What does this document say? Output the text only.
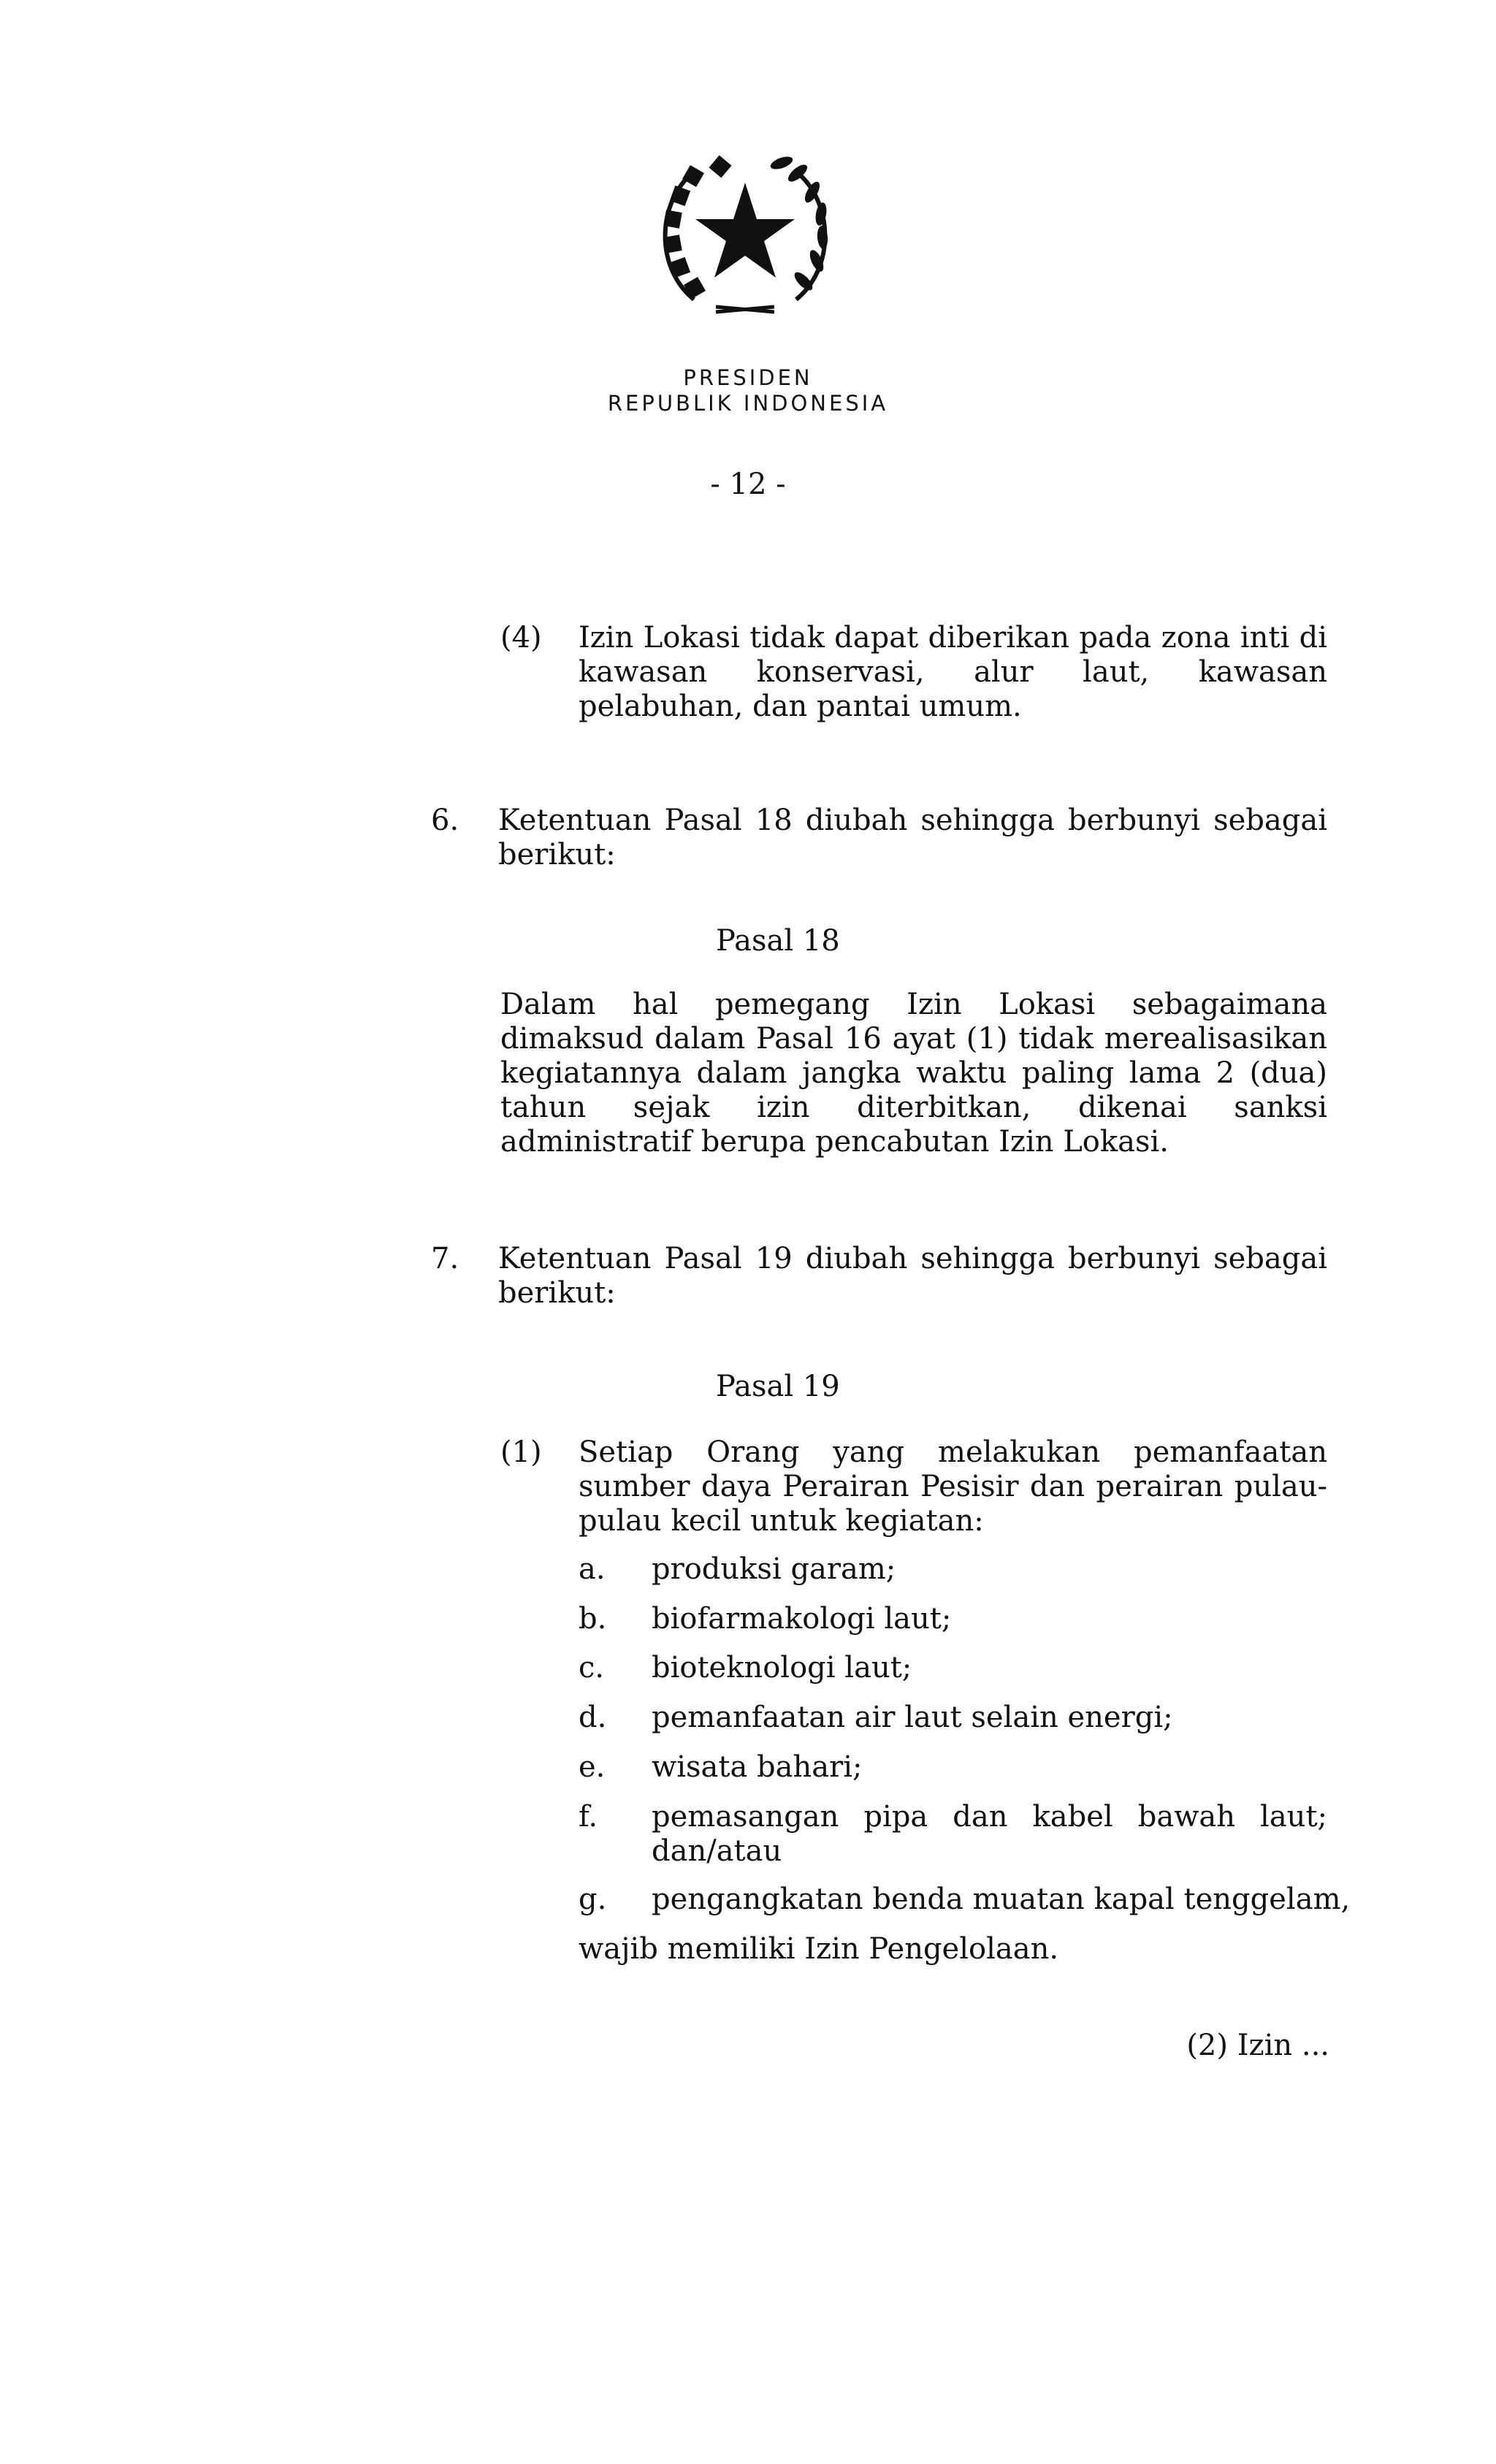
PRESIDEN
REPUBLIK INDONESIA
- 12 -
(4) Izin Lokasi tidak dapat diberikan pada zona inti di kawasan konservasi, alur laut, kawasan pelabuhan, dan pantai umum.
6. Ketentuan Pasal 18 diubah sehingga berbunyi sebagai berikut:
Pasal 18
Dalam hal pemegang Izin Lokasi sebagaimana dimaksud dalam Pasal 16 ayat (1) tidak merealisasikan kegiatannya dalam jangka waktu paling lama 2 (dua) tahun sejak izin diterbitkan, dikenai sanksi administratif berupa pencabutan Izin Lokasi.
7. Ketentuan Pasal 19 diubah sehingga berbunyi sebagai berikut:
Pasal 19
(1) Setiap Orang yang melakukan pemanfaatan sumber daya Perairan Pesisir dan perairan pulau-pulau kecil untuk kegiatan:
a. produksi garam;
b. biofarmakologi laut;
c. bioteknologi laut;
d. pemanfaatan air laut selain energi;
e. wisata bahari;
f. pemasangan pipa dan kabel bawah laut; dan/atau
g. pengangkatan benda muatan kapal tenggelam,
wajib memiliki Izin Pengelolaan.
(2) Izin ...
